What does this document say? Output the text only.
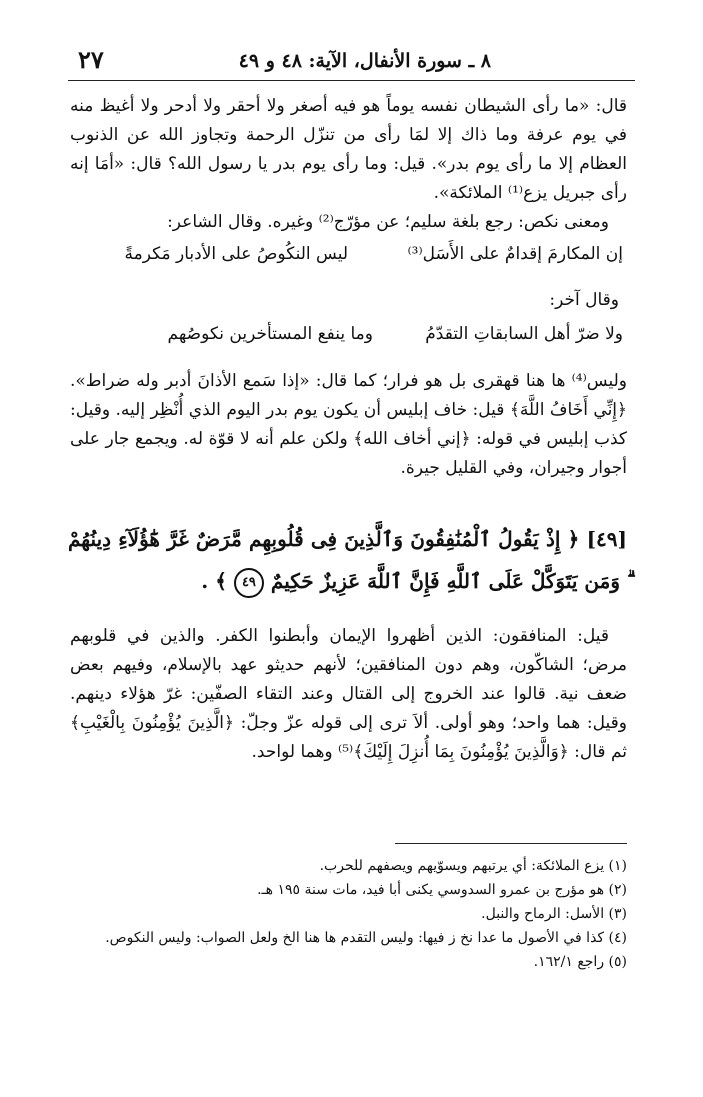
٨ ـ سورة الأنفال، الآية: ٤٨ و ٤٩
٢٧

قال: «ما رأى الشيطان نفسه يوماً هو فيه أصغر ولا أحقر ولا أدحر ولا أغيظ منه في يوم عرفة وما ذاك إلا لمَا رأى من تنزّل الرحمة وتجاوز الله عن الذنوب العظام إلا ما رأى يوم بدر». قيل: وما رأى يوم بدر يا رسول الله؟ قال: «أمَا إنه رأى جبريل يزع⁽¹⁾ الملائكة».

ومعنى نكص: رجع بلغة سليم؛ عن مؤرّج⁽²⁾ وغيره. وقال الشاعر:

ليس النكُوصُ على الأدبار مَكرمةً	إن المكارمَ إقدامٌ على الأَسَل⁽³⁾
وقال آخر:
وما ينفع المستأخرين نكوصُهم	ولا ضرّ أهل السابقاتِ التقدّمُ

وليس⁽⁴⁾ ها هنا قهقرى بل هو فرار؛ كما قال: «إذا سَمع الأذانَ أدبر وله ضراط». ﴿إِنِّي أَخَافُ اللَّهَ﴾ قيل: خاف إبليس أن يكون يوم بدر اليوم الذي أُنْظِر إليه. وقيل: كذب إبليس في قوله: ﴿إني أخاف الله﴾ ولكن علم أنه لا قوّة له. ويجمع جار على أجوار وجيران، وفي القليل جيرة.

[٤٩] ﴿ إِذْ يَقُولُ ٱلْمُنَٰفِقُونَ وَٱلَّذِينَ فِى قُلُوبِهِم مَّرَضٌ غَرَّ هَٰٓؤُلَآءِ دِينُهُمْ ۗ وَمَن يَتَوَكَّلْ عَلَى ٱللَّهِ فَإِنَّ ٱللَّهَ عَزِيزٌ حَكِيمٌ ٤٩ ﴾ .

قيل: المنافقون: الذين أظهروا الإيمان وأبطنوا الكفر. والذين في قلوبهم مرض؛ الشاكّون، وهم دون المنافقين؛ لأنهم حديثو عهد بالإسلام، وفيهم بعض ضعف نية. قالوا عند الخروج إلى القتال وعند التقاء الصفّين: غرّ هؤلاء دينهم. وقيل: هما واحد؛ وهو أولى. ألاَ ترى إلى قوله عزّ وجلّ: ﴿الَّذِينَ يُؤْمِنُونَ بِالْغَيْبِ﴾ ثم قال: ﴿وَالَّذِينَ يُؤْمِنُونَ بِمَا أُنزِلَ إِلَيْكَ﴾⁽⁵⁾ وهما لواحد.

(١) يزع الملائكة: أي يرتبهم ويسوّيهم ويصفهم للحرب.
(٢) هو مؤرج بن عمرو السدوسي يكنى أبا فيد، مات سنة ١٩٥ هـ.
(٣) الأسل: الرماح والنبل.
(٤) كذا في الأصول ما عدا نخ ز فيها: وليس التقدم ها هنا الخ ولعل الصواب: وليس النكوص.
(٥) راجع ١٦٢/١.
